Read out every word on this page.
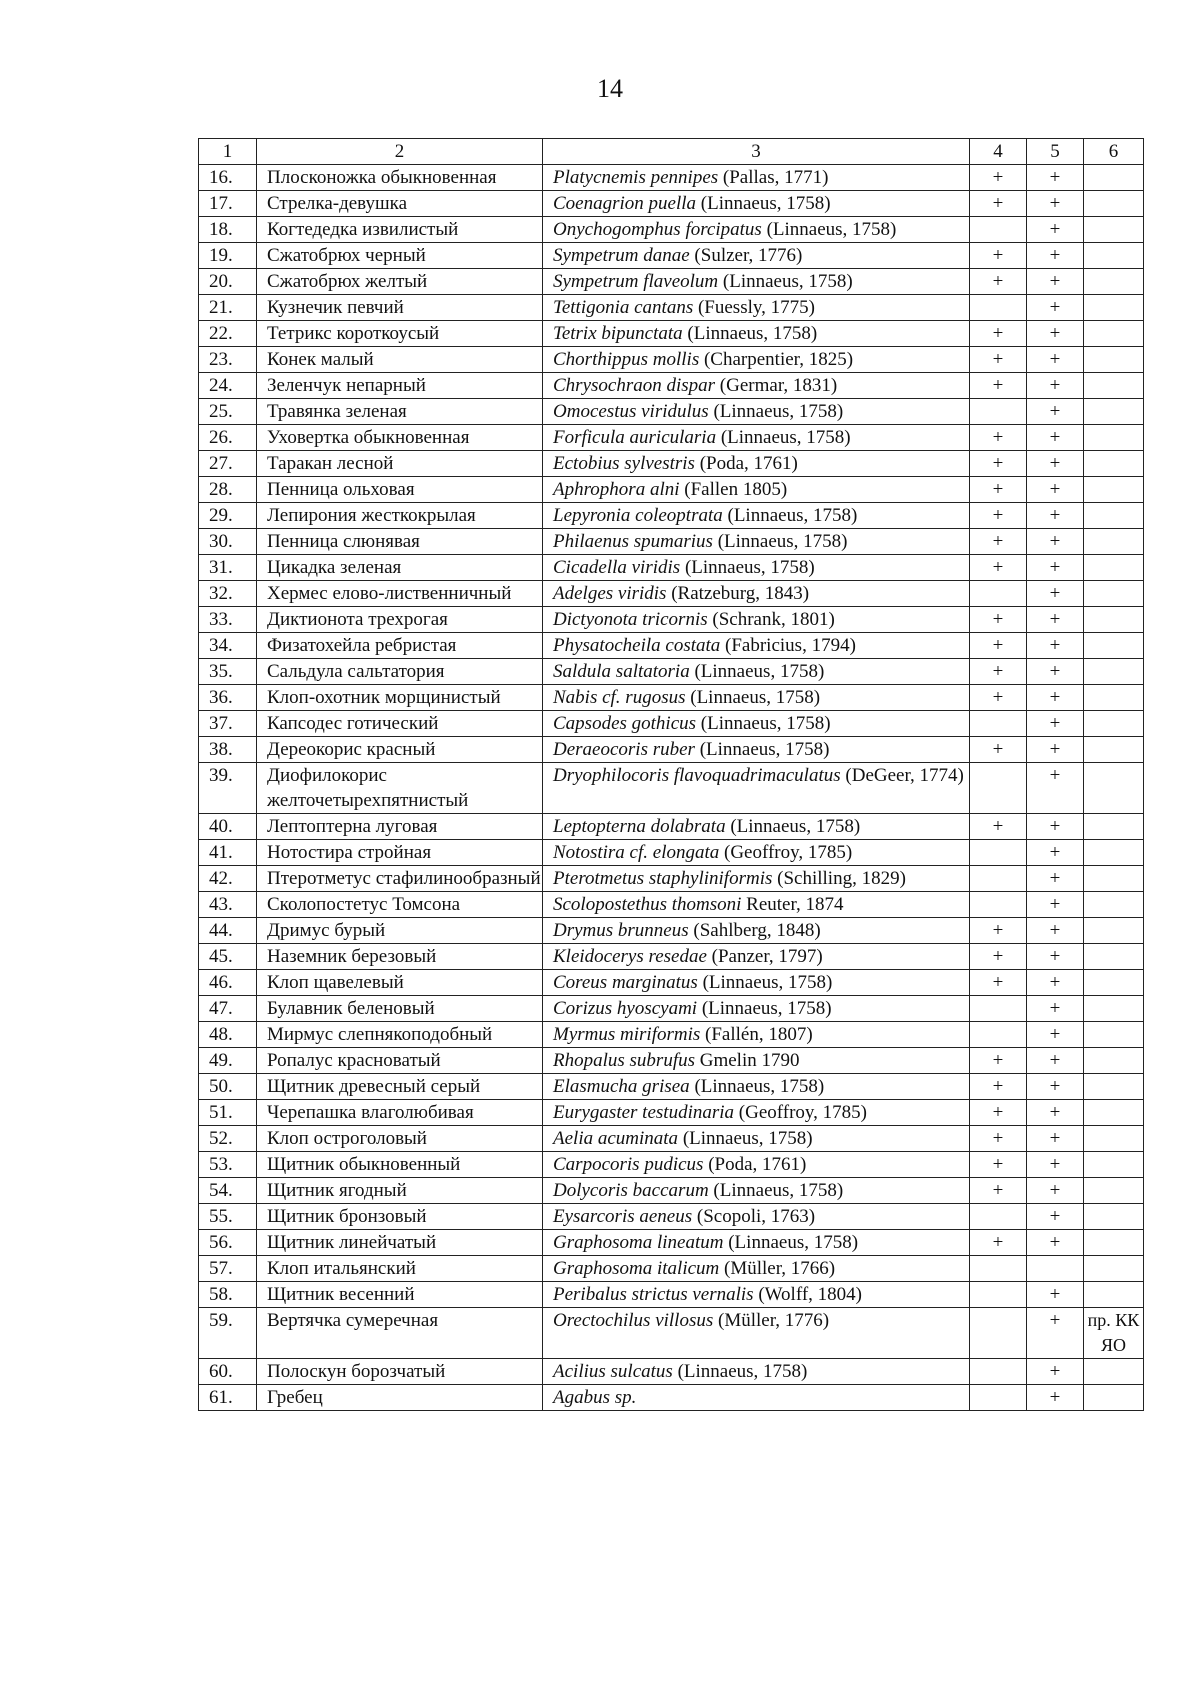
14
1	2	3	4	5	6
16.	Плосконожка обыкновенная	Platycnemis pennipes (Pallas, 1771)	+	+	
17.	Стрелка-девушка	Coenagrion puella (Linnaeus, 1758)	+	+	
18.	Когтедедка извилистый	Onychogomphus forcipatus (Linnaeus, 1758)		+	
19.	Сжатобрюх черный	Sympetrum danae (Sulzer, 1776)	+	+	
20.	Сжатобрюх желтый	Sympetrum flaveolum (Linnaeus, 1758)	+	+	
21.	Кузнечик певчий	Tettigonia cantans (Fuessly, 1775)		+	
22.	Тетрикс короткоусый	Tetrix bipunctata (Linnaeus, 1758)	+	+	
23.	Конек малый	Chorthippus mollis (Charpentier, 1825)	+	+	
24.	Зеленчук непарный	Chrysochraon dispar (Germar, 1831)	+	+	
25.	Травянка зеленая	Omocestus viridulus (Linnaeus, 1758)		+	
26.	Уховертка обыкновенная	Forficula auricularia (Linnaeus, 1758)	+	+	
27.	Таракан лесной	Ectobius sylvestris (Poda, 1761)	+	+	
28.	Пенница ольховая	Aphrophora alni (Fallen 1805)	+	+	
29.	Лепирония жесткокрылая	Lepyronia coleoptrata (Linnaeus, 1758)	+	+	
30.	Пенница слюнявая	Philaenus spumarius (Linnaeus, 1758)	+	+	
31.	Цикадка зеленая	Cicadella viridis (Linnaeus, 1758)	+	+	
32.	Хермес елово-лиственничный	Adelges viridis (Ratzeburg, 1843)		+	
33.	Диктионота трехрогая	Dictyonota tricornis (Schrank, 1801)	+	+	
34.	Физатохейла ребристая	Physatocheila costata (Fabricius, 1794)	+	+	
35.	Сальдула сальтатория	Saldula saltatoria (Linnaeus, 1758)	+	+	
36.	Клоп-охотник морщинистый	Nabis cf. rugosus (Linnaeus, 1758)	+	+	
37.	Капсодес готический	Capsodes gothicus (Linnaeus, 1758)		+	
38.	Дереокорис красный	Deraeocoris ruber (Linnaeus, 1758)	+	+	
39.	Диофилокорис желточетырехпятнистый	Dryophilocoris flavoquadrimaculatus (DeGeer, 1774)		+	
40.	Лептоптерна луговая	Leptopterna dolabrata (Linnaeus, 1758)	+	+	
41.	Нотостира стройная	Notostira cf. elongata (Geoffroy, 1785)		+	
42.	Птеротметус стафилинообразный	Pterotmetus staphyliniformis (Schilling, 1829)		+	
43.	Сколопостетус Томсона	Scolopostethus thomsoni Reuter, 1874		+	
44.	Дримус бурый	Drymus brunneus (Sahlberg, 1848)	+	+	
45.	Наземник березовый	Kleidocerys resedae (Panzer, 1797)	+	+	
46.	Клоп щавелевый	Coreus marginatus (Linnaeus, 1758)	+	+	
47.	Булавник беленовый	Corizus hyoscyami (Linnaeus, 1758)		+	
48.	Мирмус слепнякоподобный	Myrmus miriformis (Fallén, 1807)		+	
49.	Ропалус красноватый	Rhopalus subrufus Gmelin 1790	+	+	
50.	Щитник древесный серый	Elasmucha grisea (Linnaeus, 1758)	+	+	
51.	Черепашка влаголюбивая	Eurygaster testudinaria (Geoffroy, 1785)	+	+	
52.	Клоп остроголовый	Aelia acuminata (Linnaeus, 1758)	+	+	
53.	Щитник обыкновенный	Carpocoris pudicus (Poda, 1761)	+	+	
54.	Щитник ягодный	Dolycoris baccarum (Linnaeus, 1758)	+	+	
55.	Щитник бронзовый	Eysarcoris aeneus (Scopoli, 1763)		+	
56.	Щитник линейчатый	Graphosoma lineatum (Linnaeus, 1758)	+	+	
57.	Клоп итальянский	Graphosoma italicum (Müller, 1766)			
58.	Щитник весенний	Peribalus strictus vernalis (Wolff, 1804)		+	
59.	Вертячка сумеречная	Orectochilus villosus (Müller, 1776)		+	пр. КК ЯО
60.	Полоскун борозчатый	Acilius sulcatus (Linnaeus, 1758)		+	
61.	Гребец	Agabus sp.		+	
